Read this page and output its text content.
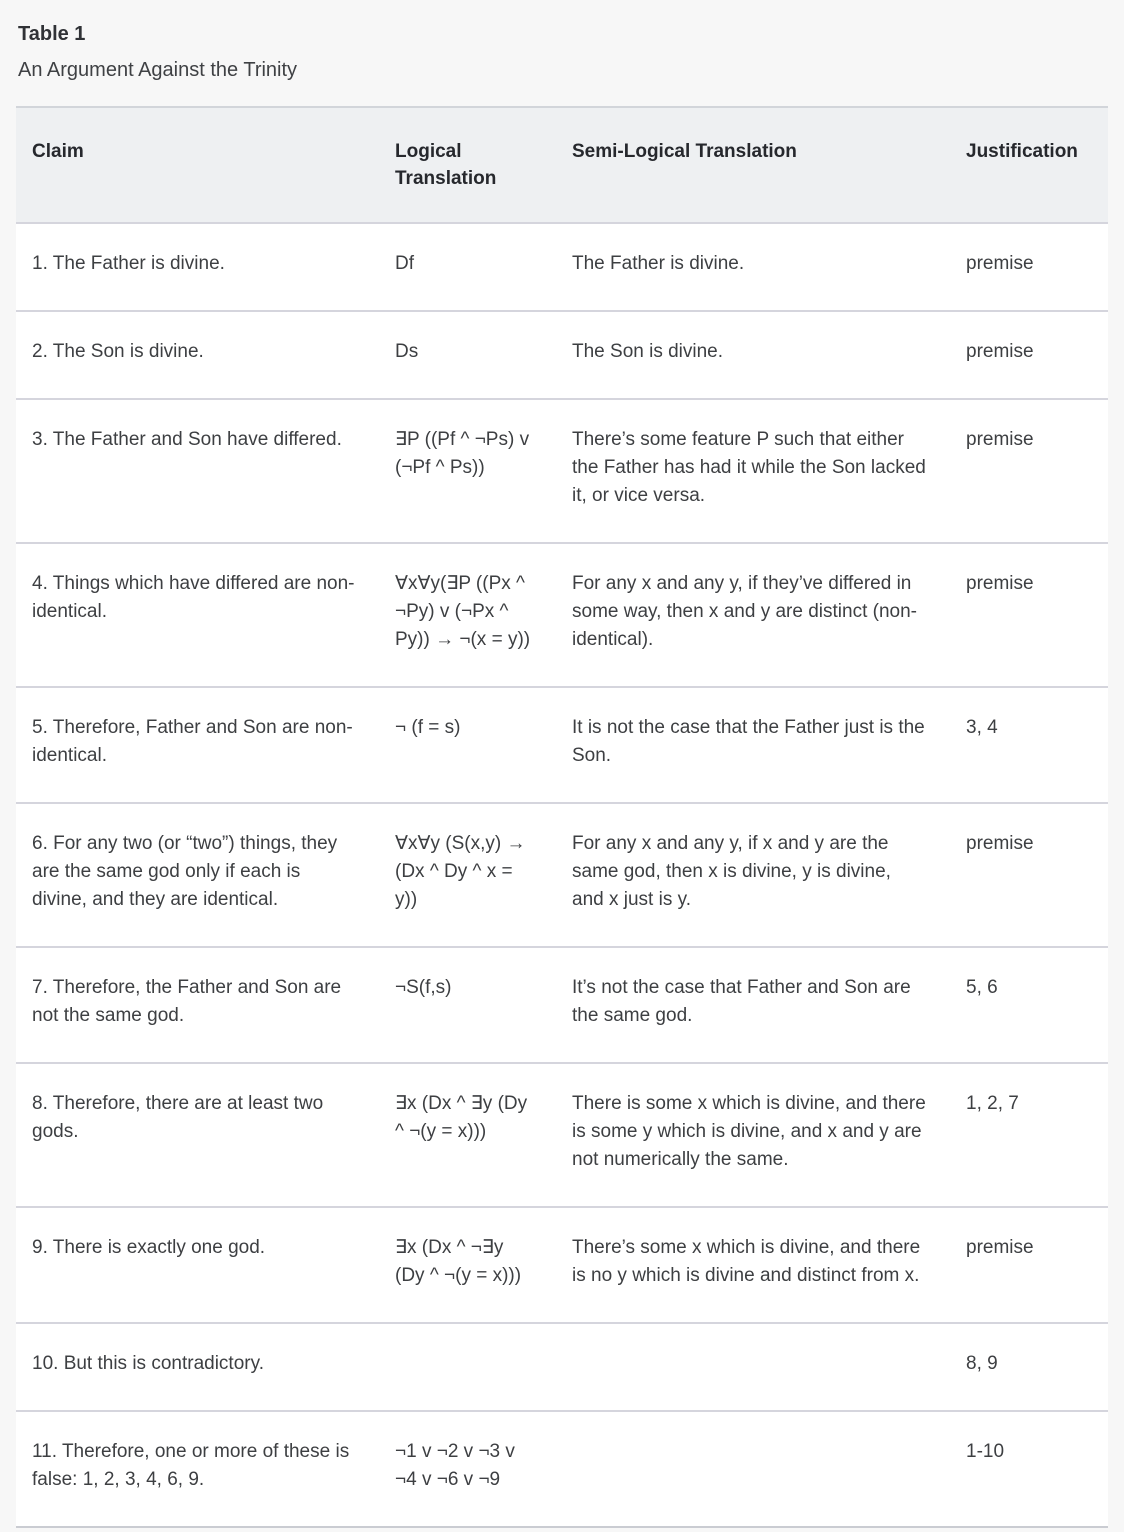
Table 1
An Argument Against the Trinity
Claim	Logical Translation	Semi-Logical Translation	Justification
1. The Father is divine.	Df	The Father is divine.	premise
2. The Son is divine.	Ds	The Son is divine.	premise
3. The Father and Son have differed.	∃P ((Pf ^ ¬Ps) v (¬Pf ^ Ps))	There’s some feature P such that either the Father has had it while the Son lacked it, or vice versa.	premise
4. Things which have differed are non-identical.	∀x∀y(∃P ((Px ^ ¬Py) v (¬Px ^ Py)) → ¬(x = y))	For any x and any y, if they’ve differed in some way, then x and y are distinct (non-identical).	premise
5. Therefore, Father and Son are non-identical.	¬ (f = s)	It is not the case that the Father just is the Son.	3, 4
6. For any two (or “two”) things, they are the same god only if each is divine, and they are identical.	∀x∀y (S(x,y) → (Dx ^ Dy ^ x = y))	For any x and any y, if x and y are the same god, then x is divine, y is divine, and x just is y.	premise
7. Therefore, the Father and Son are not the same god.	¬S(f,s)	It’s not the case that Father and Son are the same god.	5, 6
8. Therefore, there are at least two gods.	∃x (Dx ^ ∃y (Dy ^ ¬(y = x)))	There is some x which is divine, and there is some y which is divine, and x and y are not numerically the same.	1, 2, 7
9. There is exactly one god.	∃x (Dx ^ ¬∃y (Dy ^ ¬(y = x)))	There’s some x which is divine, and there is no y which is divine and distinct from x.	premise
10. But this is contradictory.			8, 9
11. Therefore, one or more of these is false: 1, 2, 3, 4, 6, 9.	¬1 v ¬2 v ¬3 v ¬4 v ¬6 v ¬9		1-10
